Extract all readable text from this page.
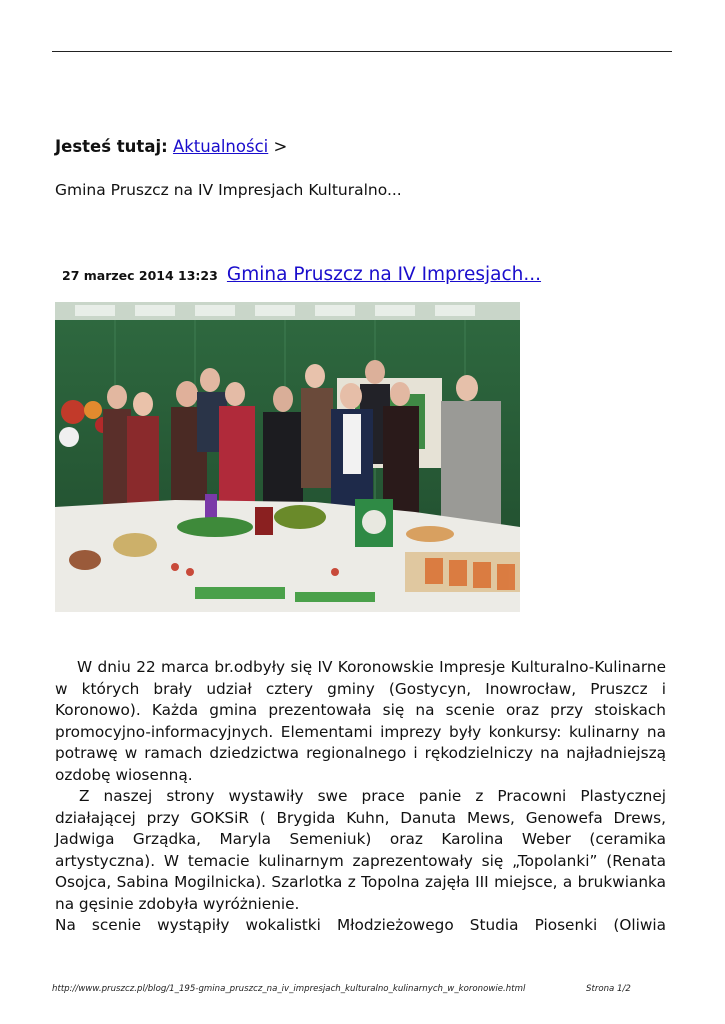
Jesteś tutaj: Aktualności >
Gmina Pruszcz na IV Impresjach Kulturalno...
27 marzec 2014 13:23 Gmina Pruszcz na IV Impresjach...

W dniu 22 marca br.odbyły się IV Koronowskie Impresje Kulturalno-Kulinarne w których brały udział cztery gminy (Gostycyn, Inowrocław, Pruszcz i Koronowo). Każda gmina prezentowała się na scenie oraz przy stoiskach promocyjno-informacyjnych. Elementami imprezy były konkursy: kulinarny na potrawę w ramach dziedzictwa regionalnego i rękodzielniczy na najładniejszą ozdobę wiosenną.

Z naszej strony wystawiły swe prace panie z Pracowni Plastycznej działającej przy GOKSiR ( Brygida Kuhn, Danuta Mews, Genowefa Drews, Jadwiga Grządka, Maryla Semeniuk) oraz Karolina Weber (ceramika artystyczna). W temacie kulinarnym zaprezentowały się „Topolanki” (Renata Osojca, Sabina Mogilnicka). Szarlotka z Topolna zajęła III miejsce, a brukwianka na gęsinie zdobyła wyróżnienie.

Na scenie wystąpiły wokalistki Młodzieżowego Studia Piosenki (Oliwia

http://www.pruszcz.pl/blog/1_195-gmina_pruszcz_na_iv_impresjach_kulturalno_kulinarnych_w_koronowie.html	Strona 1/2
